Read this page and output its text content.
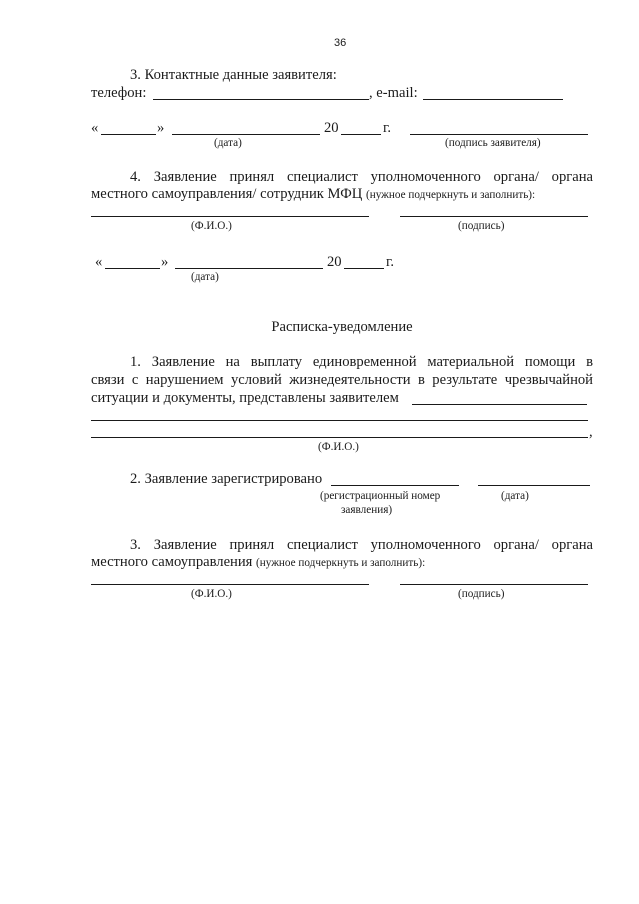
36
3. Контактные данные заявителя:
телефон:	, e-mail:
«	»	20	г.
(дата)	(подпись заявителя)
4. Заявление принял специалист уполномоченного органа/ органа
местного самоуправления/ сотрудник МФЦ (нужное подчеркнуть и заполнить):
(Ф.И.О.)	(подпись)
«	»	20	г.
(дата)
Расписка-уведомление
1. Заявление на выплату единовременной материальной помощи в
связи с нарушением условий жизнедеятельности в результате чрезвычайной
ситуации и документы, представлены заявителем
,
(Ф.И.О.)
2. Заявление зарегистрировано
(регистрационный номер	(дата)
заявления)
3. Заявление принял специалист уполномоченного органа/ органа
местного самоуправления (нужное подчеркнуть и заполнить):
(Ф.И.О.)	(подпись)
